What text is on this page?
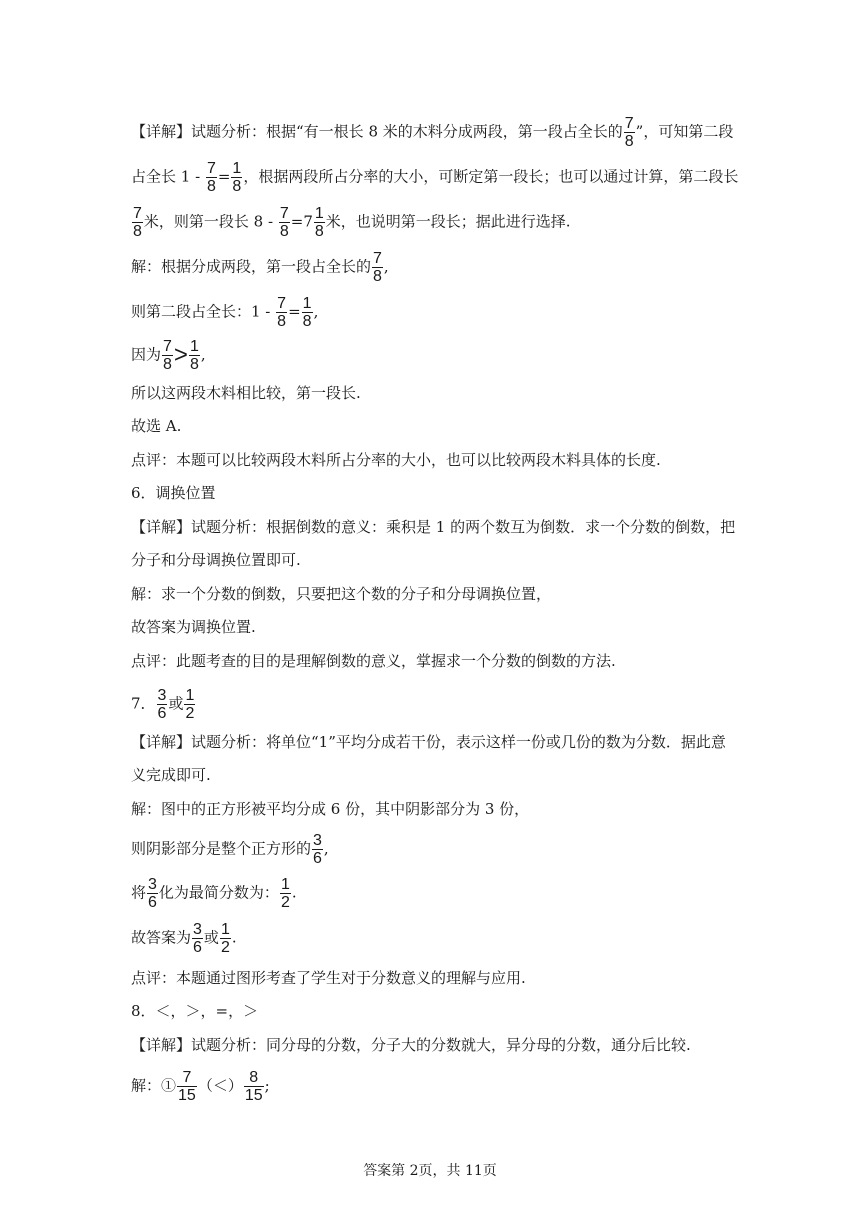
【详解】试题分析：根据“有一根长 8 米的木料分成两段，第一段占全长的 $\frac{7}{8}$ ”，可知第二段
占全长 $1 - \frac{7}{8} = \frac{1}{8}$ ，根据两段所占分率的大小，可断定第一段长；也可以通过计算，第二段长
$\frac{7}{8}$ 米，则第一段长 $8 - \frac{7}{8} =7 \frac{1}{8}$ 米，也说明第一段长；据此进行选择.
解：根据分成两段，第一段占全长的 $\frac{7}{8}$ ,
则第二段占全长：$1 - \frac{7}{8} = \frac{1}{8}$ ,
因为 $\frac{7}{8} > \frac{1}{8}$ ,
所以这两段木料相比较，第一段长.
故选 A.
点评：本题可以比较两段木料所占分率的大小，也可以比较两段木料具体的长度.
6．调换位置
【详解】试题分析：根据倒数的意义：乘积是 1 的两个数互为倒数．求一个分数的倒数，把
分子和分母调换位置即可.
解：求一个分数的倒数，只要把这个数的分子和分母调换位置，
故答案为调换位置.
点评：此题考查的目的是理解倒数的意义，掌握求一个分数的倒数的方法.
7． $\frac{3}{6}$ 或 $\frac{1}{2}$
【详解】试题分析：将单位“1”平均分成若干份，表示这样一份或几份的数为分数．据此意
义完成即可.
解：图中的正方形被平均分成 6 份，其中阴影部分为 3 份，
则阴影部分是整个正方形的 $\frac{3}{6}$ ,
将 $\frac{3}{6}$ 化为最简分数为： $\frac{1}{2}$ .
故答案为 $\frac{3}{6}$ 或 $\frac{1}{2}$ .
点评：本题通过图形考查了学生对于分数意义的理解与应用.
8．＜，＞，=，＞
【详解】试题分析：同分母的分数，分子大的分数就大，异分母的分数，通分后比较.
解：① $\frac{7}{15}$ （＜） $\frac{8}{15}$ ;
答案第 2页，共 11页
